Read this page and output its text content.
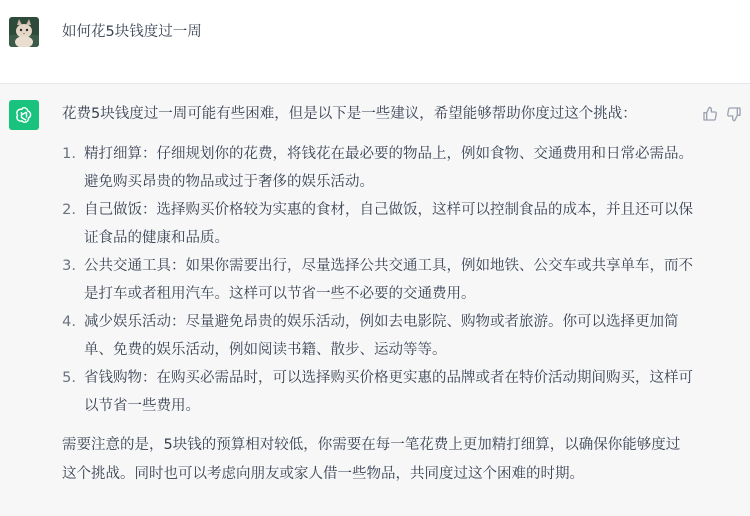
如何花5块钱度过一周

花费5块钱度过一周可能有些困难，但是以下是一些建议，希望能够帮助你度过这个挑战：

1. 精打细算：仔细规划你的花费，将钱花在最必要的物品上，例如食物、交通费用和日常必需品。避免购买昂贵的物品或过于奢侈的娱乐活动。
2. 自己做饭：选择购买价格较为实惠的食材，自己做饭，这样可以控制食品的成本，并且还可以保证食品的健康和品质。
3. 公共交通工具：如果你需要出行，尽量选择公共交通工具，例如地铁、公交车或共享单车，而不是打车或者租用汽车。这样可以节省一些不必要的交通费用。
4. 减少娱乐活动：尽量避免昂贵的娱乐活动，例如去电影院、购物或者旅游。你可以选择更加简单、免费的娱乐活动，例如阅读书籍、散步、运动等等。
5. 省钱购物：在购买必需品时，可以选择购买价格更实惠的品牌或者在特价活动期间购买，这样可以节省一些费用。

需要注意的是，5块钱的预算相对较低，你需要在每一笔花费上更加精打细算，以确保你能够度过这个挑战。同时也可以考虑向朋友或家人借一些物品，共同度过这个困难的时期。
